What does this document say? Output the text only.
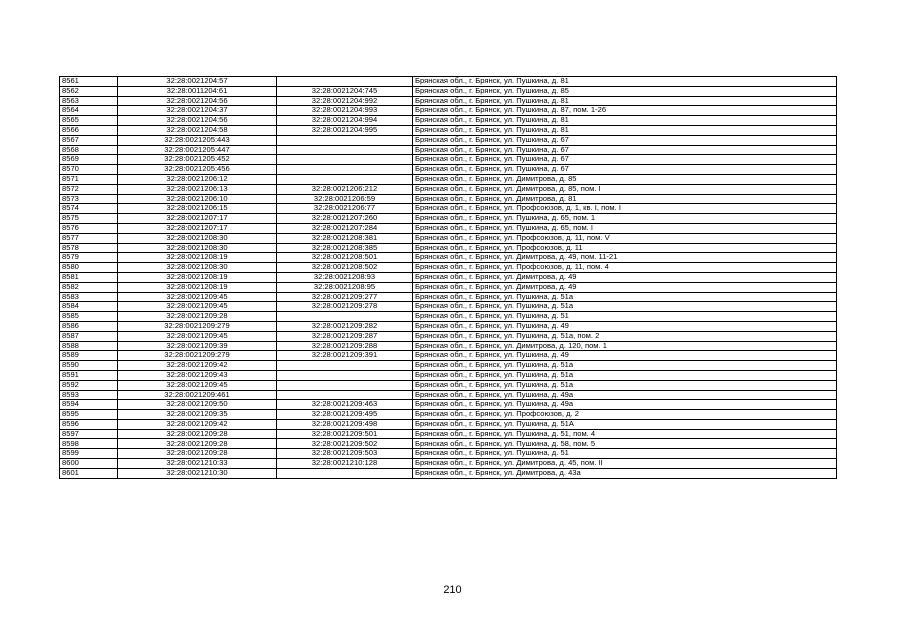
8561	32:28:0021204:57		Брянская обл., г. Брянск, ул. Пушкина, д. 81
8562	32:28:0011204:61	32:28:0021204:745	Брянская обл., г. Брянск, ул. Пушкина, д. 85
8563	32:28:0021204:56	32:28:0021204:992	Брянская обл., г. Брянск, ул. Пушкина, д. 81
8564	32:28:0021204:37	32:28:0021204:993	Брянская обл., г. Брянск, ул. Пушкина, д. 87, пом. 1-26
8565	32:28:0021204:56	32:28:0021204:994	Брянская обл., г. Брянск, ул. Пушкина, д. 81
8566	32:28:0021204:58	32:28:0021204:995	Брянская обл., г. Брянск, ул. Пушкина, д. 81
8567	32:28:0021205:443		Брянская обл., г. Брянск, ул. Пушкина, д. 67
8568	32:28:0021205:447		Брянская обл., г. Брянск, ул. Пушкина, д. 67
8569	32:28:0021205:452		Брянская обл., г. Брянск, ул. Пушкина, д. 67
8570	32:28:0021205:456		Брянская обл., г. Брянск, ул. Пушкина, д. 67
8571	32:28:0021206:12		Брянская обл., г. Брянск, ул. Димитрова, д. 85
8572	32:28:0021206:13	32:28:0021206:212	Брянская обл., г. Брянск, ул. Димитрова, д. 85, пом. I
8573	32:28:0021206:10	32:28:0021206:59	Брянская обл., г. Брянск, ул. Димитрова, д. 81
8574	32:28:0021206:15	32:28:0021206:77	Брянская обл., г. Брянск, ул. Профсоюзов, д. 1, кв. I, пом. I
8575	32:28:0021207:17	32:28:0021207:260	Брянская обл., г. Брянск, ул. Пушкина, д. 65, пом. 1
8576	32:28:0021207:17	32:28:0021207:284	Брянская обл., г. Брянск, ул. Пушкина, д. 65, пом. I
8577	32:28:0021208:30	32:28:0021208:381	Брянская обл., г. Брянск, ул. Профсоюзов, д. 11, пом. V
8578	32:28:0021208:30	32:28:0021208:385	Брянская обл., г. Брянск, ул. Профсоюзов, д. 11
8579	32:28:0021208:19	32:28:0021208:501	Брянская обл., г. Брянск, ул. Димитрова, д. 49, пом. 11-21
8580	32:28:0021208:30	32:28:0021208:502	Брянская обл., г. Брянск, ул. Профсоюзов, д. 11, пом. 4
8581	32:28:0021208:19	32:28:0021208:93	Брянская обл., г. Брянск, ул. Димитрова, д. 49
8582	32:28:0021208:19	32:28:0021208:95	Брянская обл., г. Брянск, ул. Димитрова, д. 49
8583	32:28:0021209:45	32:28:0021209:277	Брянская обл., г. Брянск, ул. Пушкина, д. 51а
8584	32:28:0021209:45	32:28:0021209:278	Брянская обл., г. Брянск, ул. Пушкина, д. 51а
8585	32:28:0021209:28		Брянская обл., г. Брянск, ул. Пушкина, д. 51
8586	32:28:0021209:279	32:28:0021209:282	Брянская обл., г. Брянск, ул. Пушкина, д. 49
8587	32:28:0021209:45	32:28:0021209:287	Брянская обл., г. Брянск, ул. Пушкина, д. 51а, пом. 2
8588	32:28:0021209:39	32:28:0021209:288	Брянская обл., г. Брянск, ул. Димитрова, д. 120, пом. 1
8589	32:28:0021209:279	32:28:0021209:391	Брянская обл., г. Брянск, ул. Пушкина, д. 49
8590	32:28:0021209:42		Брянская обл., г. Брянск, ул. Пушкина, д. 51а
8591	32:28:0021209:43		Брянская обл., г. Брянск, ул. Пушкина, д. 51а
8592	32:28:0021209:45		Брянская обл., г. Брянск, ул. Пушкина, д. 51а
8593	32:28:0021209:461		Брянская обл., г. Брянск, ул. Пушкина, д. 49а
8594	32:28:0021209:50	32:28:0021209:463	Брянская обл., г. Брянск, ул. Пушкина, д. 49а
8595	32:28:0021209:35	32:28:0021209:495	Брянская обл., г. Брянск, ул. Профсоюзов, д. 2
8596	32:28:0021209:42	32:28:0021209:498	Брянская обл., г. Брянск, ул. Пушкина, д. 51А
8597	32:28:0021209:28	32:28:0021209:501	Брянская обл., г. Брянск, ул. Пушкина, д. 51, пом. 4
8598	32:28:0021209:28	32:28:0021209:502	Брянская обл., г. Брянск, ул. Пушкина, д. 58, пом. 5
8599	32:28:0021209:28	32:28:0021209:503	Брянская обл., г. Брянск, ул. Пушкина, д. 51
8600	32:28:0021210:33	32:28:0021210:128	Брянская обл., г. Брянск, ул. Димитрова, д. 45, пом. II
8601	32:28:0021210:30		Брянская обл., г. Брянск, ул. Димитрова, д. 43а
210
